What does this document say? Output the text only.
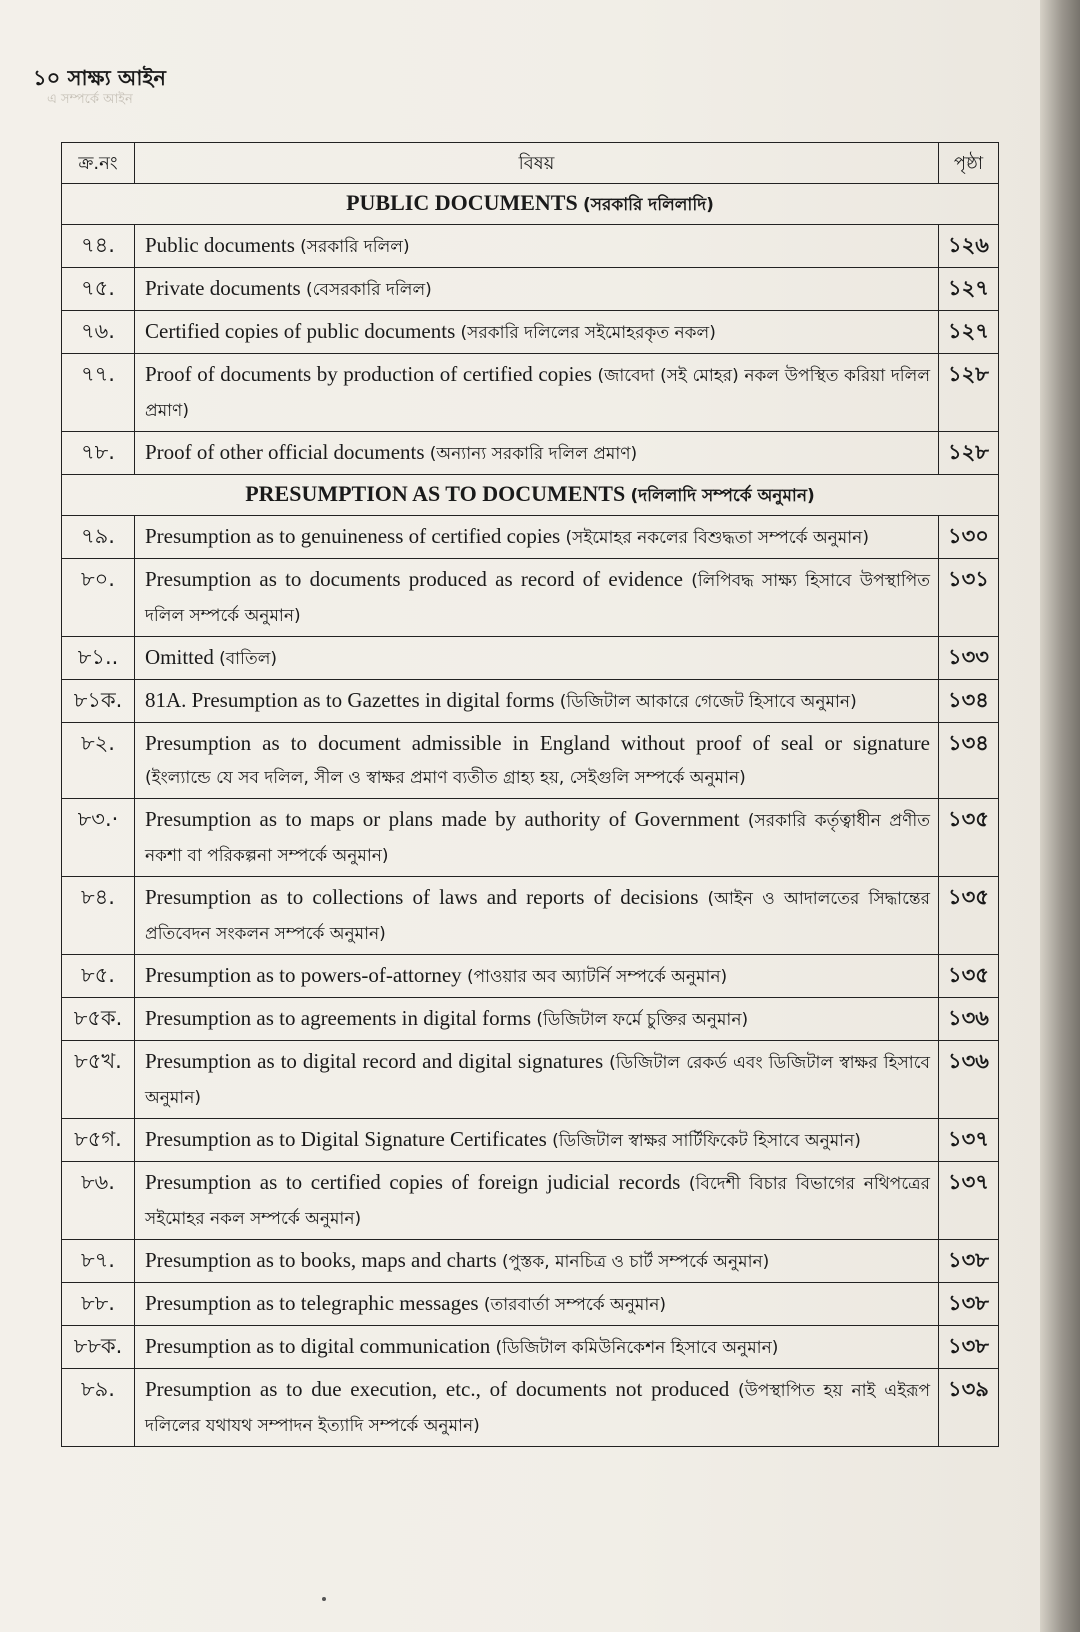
১০ সাক্ষ্য আইন
এ সম্পর্কে আইন
ক্র.নং	বিষয়	পৃষ্ঠা
PUBLIC DOCUMENTS (সরকারি দলিলাদি)		
৭৪.	Public documents (সরকারি দলিল)	১২৬
৭৫.	Private documents (বেসরকারি দলিল)	১২৭
৭৬.	Certified copies of public documents (সরকারি দলিলের সইমোহরকৃত নকল)	১২৭
৭৭.	Proof of documents by production of certified copies (জাবেদা (সই মোহর) নকল উপস্থিত করিয়া দলিল প্রমাণ)	১২৮
৭৮.	Proof of other official documents (অন্যান্য সরকারি দলিল প্রমাণ)	১২৮
PRESUMPTION AS TO DOCUMENTS (দলিলাদি সম্পর্কে অনুমান)		
৭৯.	Presumption as to genuineness of certified copies (সইমোহর নকলের বিশুদ্ধতা সম্পর্কে অনুমান)	১৩০
৮০.	Presumption as to documents produced as record of evidence (লিপিবদ্ধ সাক্ষ্য হিসাবে উপস্থাপিত দলিল সম্পর্কে অনুমান)	১৩১
৮১..	Omitted (বাতিল)	১৩৩
৮১ক.	81A. Presumption as to Gazettes in digital forms (ডিজিটাল আকারে গেজেট হিসাবে অনুমান)	১৩৪
৮২.	Presumption as to document admissible in England without proof of seal or signature (ইংল্যান্ডে যে সব দলিল, সীল ও স্বাক্ষর প্রমাণ ব্যতীত গ্রাহ্য হয়, সেইগুলি সম্পর্কে অনুমান)	১৩৪
৮৩.·	Presumption as to maps or plans made by authority of Government (সরকারি কর্তৃত্বাধীন প্রণীত নকশা বা পরিকল্পনা সম্পর্কে অনুমান)	১৩৫
৮৪.	Presumption as to collections of laws and reports of decisions (আইন ও আদালতের সিদ্ধান্তের প্রতিবেদন সংকলন সম্পর্কে অনুমান)	১৩৫
৮৫.	Presumption as to powers-of-attorney (পাওয়ার অব অ্যাটর্নি সম্পর্কে অনুমান)	১৩৫
৮৫ক.	Presumption as to agreements in digital forms (ডিজিটাল ফর্মে চুক্তির অনুমান)	১৩৬
৮৫খ.	Presumption as to digital record and digital signatures (ডিজিটাল রেকর্ড এবং ডিজিটাল স্বাক্ষর হিসাবে অনুমান)	১৩৬
৮৫গ.	Presumption as to Digital Signature Certificates (ডিজিটাল স্বাক্ষর সার্টিফিকেট হিসাবে অনুমান)	১৩৭
৮৬.	Presumption as to certified copies of foreign judicial records (বিদেশী বিচার বিভাগের নথিপত্রের সইমোহর নকল সম্পর্কে অনুমান)	১৩৭
৮৭.	Presumption as to books, maps and charts (পুস্তক, মানচিত্র ও চার্ট সম্পর্কে অনুমান)	১৩৮
৮৮.	Presumption as to telegraphic messages (তারবার্তা সম্পর্কে অনুমান)	১৩৮
৮৮ক.	Presumption as to digital communication (ডিজিটাল কমিউনিকেশন হিসাবে অনুমান)	১৩৮
৮৯.	Presumption as to due execution, etc., of documents not produced (উপস্থাপিত হয় নাই এইরূপ দলিলের যথাযথ সম্পাদন ইত্যাদি সম্পর্কে অনুমান)	১৩৯
